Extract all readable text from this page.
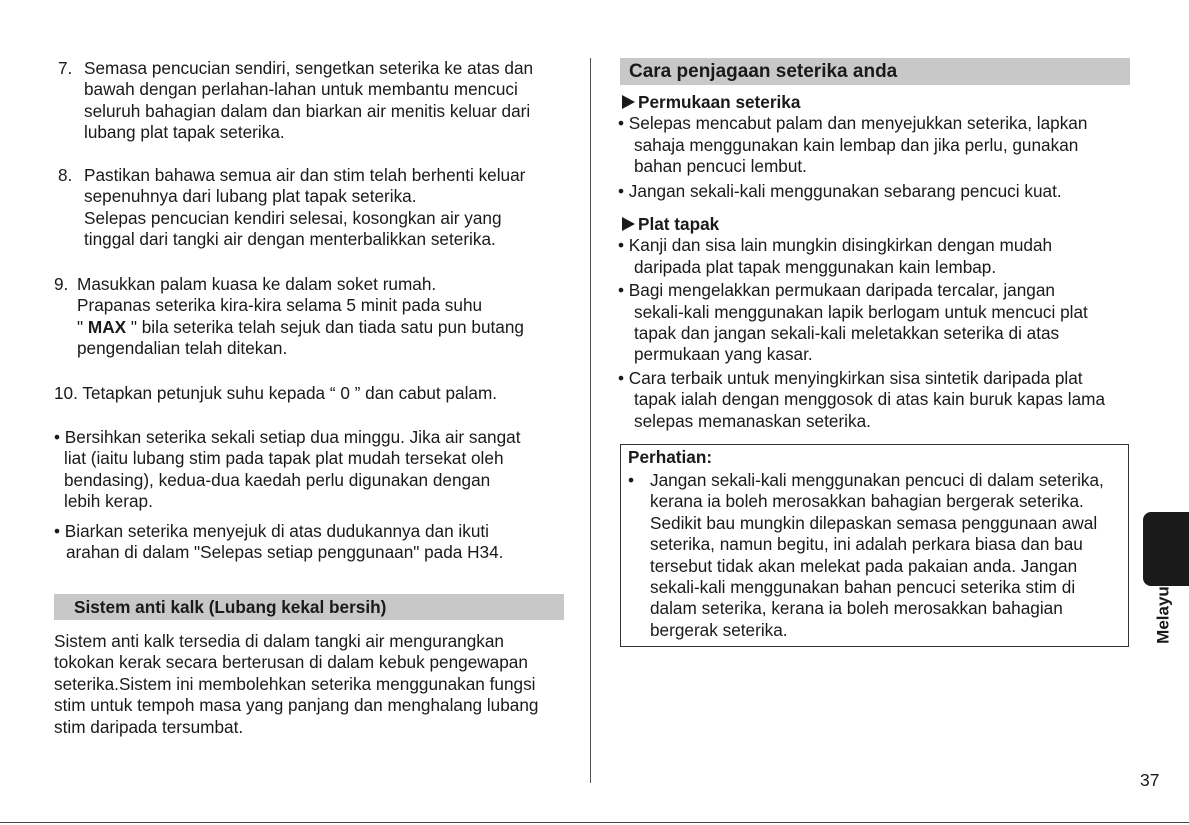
7. Semasa pencucian sendiri, sengetkan seterika ke atas dan

bawah dengan perlahan-lahan untuk membantu mencuci

seluruh bahagian dalam dan biarkan air menitis keluar dari

lubang plat tapak seterika.

8. Pastikan bahawa semua air dan stim telah berhenti keluar

sepenuhnya dari lubang plat tapak seterika.

Selepas pencucian kendiri selesai, kosongkan air yang

tinggal dari tangki air dengan menterbalikkan seterika.

9. Masukkan palam kuasa ke dalam soket rumah.

Prapanas seterika kira-kira selama 5 minit pada suhu

" MAX " bila seterika telah sejuk dan tiada satu pun butang

pengendalian telah ditekan.

10. Tetapkan petunjuk suhu kepada “ 0 ” dan cabut palam.

• Bersihkan seterika sekali setiap dua minggu. Jika air sangat

liat (iaitu lubang stim pada tapak plat mudah tersekat oleh

bendasing), kedua-dua kaedah perlu digunakan dengan

lebih kerap.

• Biarkan seterika menyejuk di atas dudukannya dan ikuti

arahan di dalam "Selepas setiap penggunaan" pada H34.

Sistem anti kalk (Lubang kekal bersih)

Sistem anti kalk tersedia di dalam tangki air mengurangkan

tokokan kerak secara berterusan di dalam kebuk pengewapan

seterika.Sistem ini membolehkan seterika menggunakan fungsi

stim untuk tempoh masa yang panjang dan menghalang lubang

stim daripada tersumbat.

Cara penjagaan seterika anda

Permukaan seterika

• Selepas mencabut palam dan menyejukkan seterika, lapkan

sahaja menggunakan kain lembap dan jika perlu, gunakan

bahan pencuci lembut.

• Jangan sekali-kali menggunakan sebarang pencuci kuat.

Plat tapak

• Kanji dan sisa lain mungkin disingkirkan dengan mudah

daripada plat tapak menggunakan kain lembap.

• Bagi mengelakkan permukaan daripada tercalar, jangan

sekali-kali menggunakan lapik berlogam untuk mencuci plat

tapak dan jangan sekali-kali meletakkan seterika di atas

permukaan yang kasar.

• Cara terbaik untuk menyingkirkan sisa sintetik daripada plat

tapak ialah dengan menggosok di atas kain buruk kapas lama

selepas memanaskan seterika.

Perhatian:
• Jangan sekali-kali menggunakan pencuci di dalam seterika,
kerana ia boleh merosakkan bahagian bergerak seterika.
Sedikit bau mungkin dilepaskan semasa penggunaan awal
seterika, namun begitu, ini adalah perkara biasa dan bau
tersebut tidak akan melekat pada pakaian anda. Jangan
sekali-kali menggunakan bahan pencuci seterika stim di
dalam seterika, kerana ia boleh merosakkan bahagian
bergerak seterika.	Melayu
37
